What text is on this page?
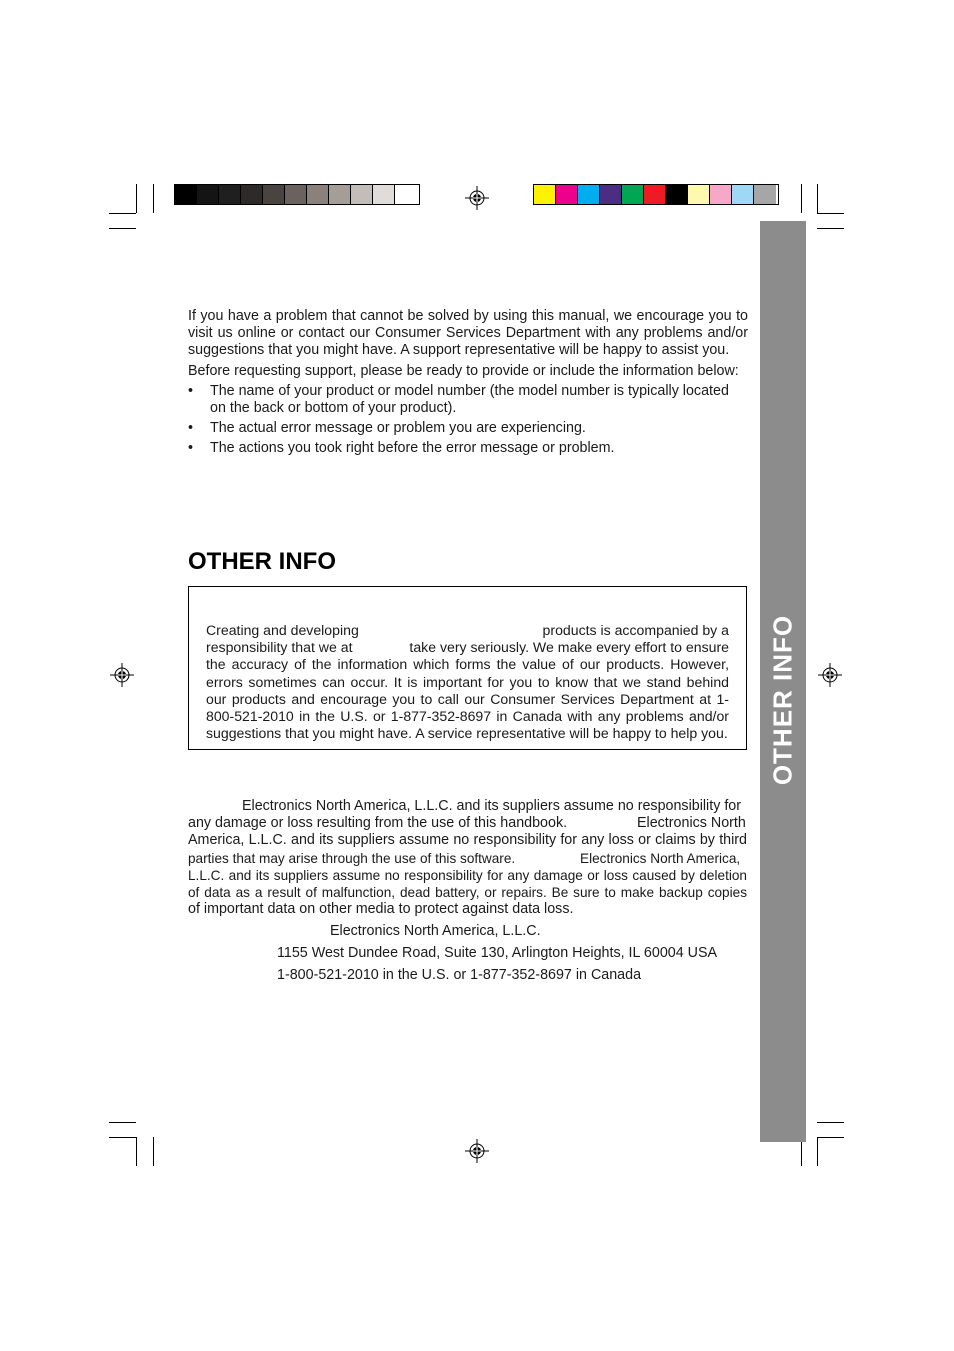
OTHER INFO

If you have a problem that cannot be solved by using this manual, we encourage you to visit us online or contact our Consumer Services Department with any problems and/or suggestions that you might have. A support representative will be happy to assist you.

Before requesting support, please be ready to provide or include the information below:

• The name of your product or model number (the model number is typically located on the back or bottom of your product).
• The actual error message or problem you are experiencing.
• The actions you took right before the error message or problem.
OTHER INFO
Creating and developing	products is accompanied by a
responsibility that we at	take very seriously. We make every effort to ensure
the accuracy of the information which forms the value of our products. However, errors sometimes can occur. It is important for you to know that we stand behind our products and encourage you to call our Consumer Services Department at 1-800-521-2010 in the U.S. or 1-877-352-8697 in Canada with any problems and/or suggestions that you might have. A service representative will be happy to help you.
Electronics North America, L.L.C. and its suppliers assume no responsibility for
any damage or loss resulting from the use of this handbook.	Electronics North
America, L.L.C. and its suppliers assume no responsibility for any loss or claims by third
parties that may arise through the use of this software.	Electronics North America,
L.L.C. and its suppliers assume no responsibility for any damage or loss caused by deletion
of data as a result of malfunction, dead battery, or repairs. Be sure to make backup copies
of important data on other media to protect against data loss.
Electronics North America, L.L.C.
1155 West Dundee Road, Suite 130, Arlington Heights, IL 60004 USA
1-800-521-2010 in the U.S. or 1-877-352-8697 in Canada
